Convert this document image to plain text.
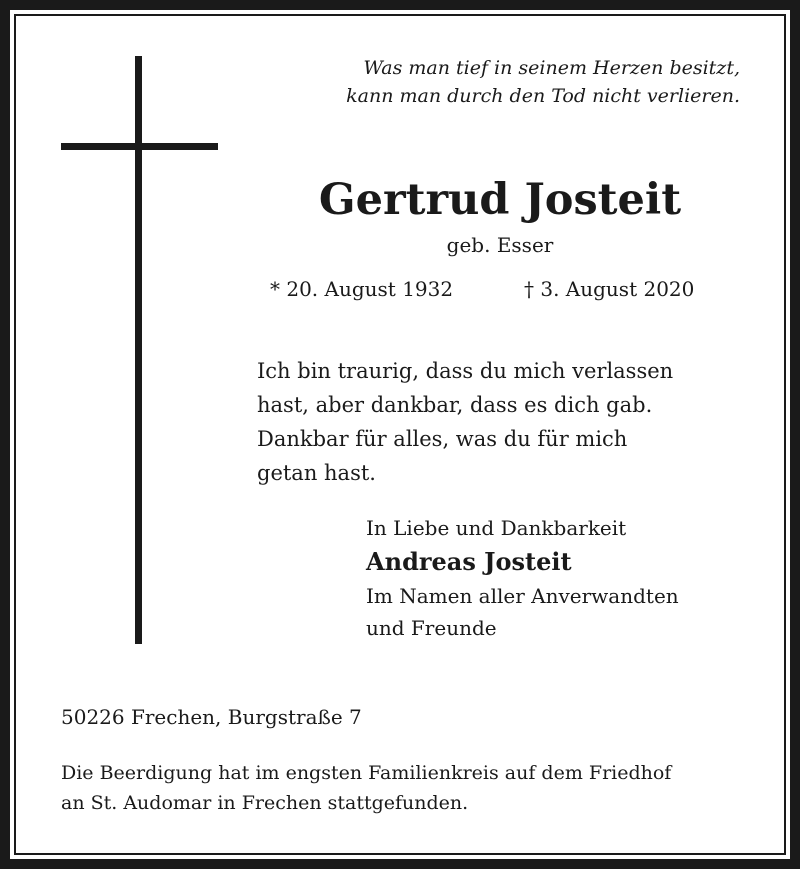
Was man tief in seinem Herzen besitzt,
kann man durch den Tod nicht verlieren.
Gertrud Josteit
geb. Esser
* 20. August 1932	† 3. August 2020
Ich bin traurig, dass du mich verlassen
hast, aber dankbar, dass es dich gab.
Dankbar für alles, was du für mich
getan hast.
In Liebe und Dankbarkeit
Andreas Josteit
Im Namen aller Anverwandten
und Freunde
50226 Frechen, Burgstraße 7
Die Beerdigung hat im engsten Familienkreis auf dem Friedhof
an St. Audomar in Frechen stattgefunden.
